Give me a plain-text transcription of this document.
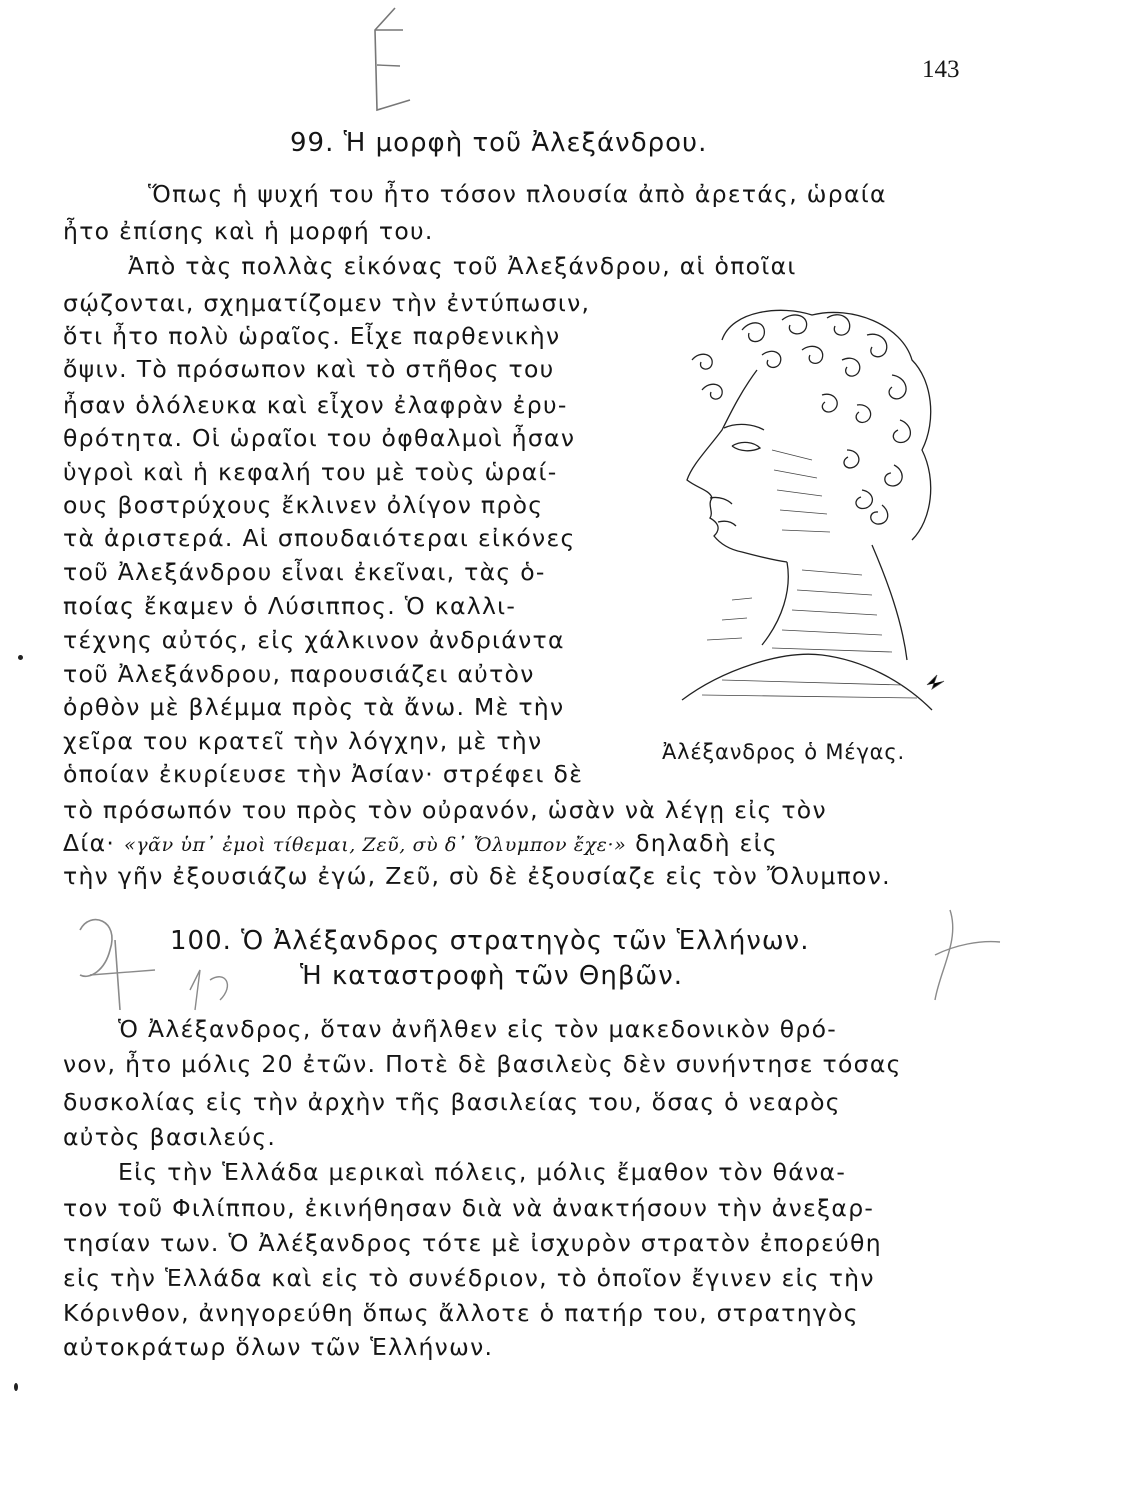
143
99. Ἡ μορφὴ τοῦ Ἀλεξάνδρου.
Ὅπως ἡ ψυχή του ἦτο τόσον πλουσία ἀπὸ ἀρετάς, ὡραία
ἦτο ἐπίσης καὶ ἡ μορφή του.
Ἀπὸ τὰς πολλὰς εἰκόνας τοῦ Ἀλεξάνδρου, αἱ ὁποῖαι
σῴζονται, σχηματίζομεν τὴν ἐντύπωσιν,
ὅτι ἦτο πολὺ ὡραῖος. Εἶχε παρθενικὴν
ὄψιν. Τὸ πρόσωπον καὶ τὸ στῆθος του
ἦσαν ὁλόλευκα καὶ εἶχον ἐλαφρὰν ἐρυ-
θρότητα. Οἱ ὡραῖοι του ὀφθαλμοὶ ἦσαν
ὑγροὶ καὶ ἡ κεφαλή του μὲ τοὺς ὡραί-
ους βοστρύχους ἔκλινεν ὀλίγον πρὸς
τὰ ἀριστερά. Αἱ σπουδαιότεραι εἰκόνες
τοῦ Ἀλεξάνδρου εἶναι ἐκεῖναι, τὰς ὁ-
ποίας ἔκαμεν ὁ Λύσιππος. Ὁ καλλι-
τέχνης αὐτός, εἰς χάλκινον ἀνδριάντα
τοῦ Ἀλεξάνδρου, παρουσιάζει αὐτὸν
ὀρθὸν μὲ βλέμμα πρὸς τὰ ἄνω. Μὲ τὴν
χεῖρα του κρατεῖ τὴν λόγχην, μὲ τὴν
ὁποίαν ἐκυρίευσε τὴν Ἀσίαν· στρέφει δὲ
τὸ πρόσωπόν του πρὸς τὸν οὐρανόν, ὡσὰν νὰ λέγῃ εἰς τὸν
Δία· «γᾶν ὑπ᾽ ἐμοὶ τίθεμαι, Ζεῦ, σὺ δ᾽ Ὄλυμπον ἔχε·» δηλαδὴ εἰς
τὴν γῆν ἐξουσιάζω ἐγώ, Ζεῦ, σὺ δὲ ἐξουσίαζε εἰς τὸν Ὄλυμπον.
Ἀλέξανδρος ὁ Μέγας.
100. Ὁ Ἀλέξανδρος στρατηγὸς τῶν Ἑλλήνων.
Ἡ καταστροφὴ τῶν Θηβῶν.
Ὁ Ἀλέξανδρος, ὅταν ἀνῆλθεν εἰς τὸν μακεδονικὸν θρό-
νον, ἦτο μόλις 20 ἐτῶν. Ποτὲ δὲ βασιλεὺς δὲν συνήντησε τόσας
δυσκολίας εἰς τὴν ἀρχὴν τῆς βασιλείας του, ὅσας ὁ νεαρὸς
αὐτὸς βασιλεύς.
Εἰς τὴν Ἑλλάδα μερικαὶ πόλεις, μόλις ἔμαθον τὸν θάνα-
τον τοῦ Φιλίππου, ἐκινήθησαν διὰ νὰ ἀνακτήσουν τὴν ἀνεξαρ-
τησίαν των. Ὁ Ἀλέξανδρος τότε μὲ ἰσχυρὸν στρατὸν ἐπορεύθη
εἰς τὴν Ἑλλάδα καὶ εἰς τὸ συνέδριον, τὸ ὁποῖον ἔγινεν εἰς τὴν
Κόρινθον, ἀνηγορεύθη ὅπως ἄλλοτε ὁ πατήρ του, στρατηγὸς
αὐτοκράτωρ ὅλων τῶν Ἑλλήνων.
